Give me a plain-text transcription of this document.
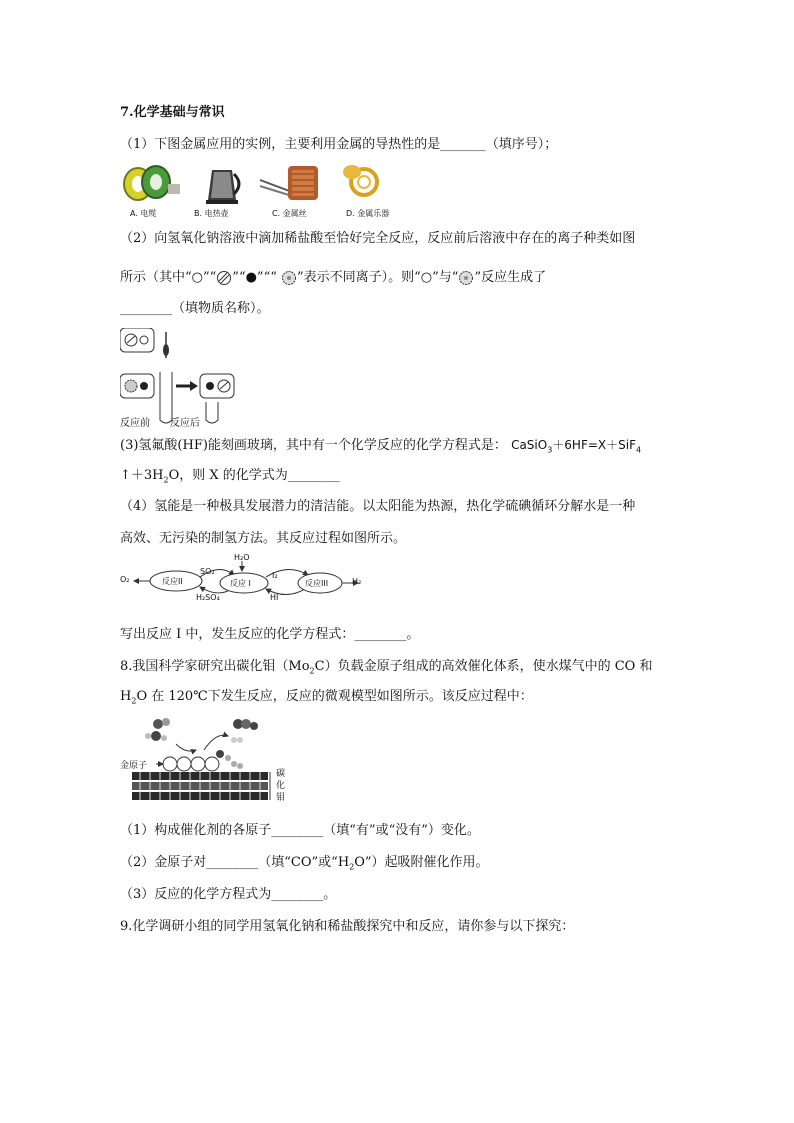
7.化学基础与常识
（1）下图金属应用的实例，主要利用金属的导热性的是_______（填序号）；
A. 电缆	B. 电热壶	C. 金属丝	D. 金属乐器
（2）向氢氧化钠溶液中滴加稀盐酸至恰好完全反应，反应前后溶液中存在的离子种类如图
所示（其中“○”“ ”“●”““ ”表示不同离子）。则“○”与“ ”反应生成了
________（填物质名称）。
反应前 反应后
(3)氢氟酸(HF)能刻画玻璃，其中有一个化学反应的化学方程式是： CaSiO$_3$＋6HF=X＋SiF$_4$
$↑+3H_2O$，则 X 的化学式为________
（4）氢能是一种极具发展潜力的清洁能。以太阳能为热源，热化学硫碘循环分解水是一种
高效、无污染的制氢方法。其反应过程如图所示。
O₂	反应II
SO₂
H₂SO₄
H₂O
反应 I
I₂
HI
反应III	H₂
写出反应 I 中，发生反应的化学方程式：________。
8.我国科学家研究出碳化钼$(Mo_2C)$负载金原子组成的高效催化体系，使水煤气中的 CO 和
$H_2O$ 在 120℃下发生反应，反应的微观模型如图所示。该反应过程中：
金原子
碳
化
钼
（1）构成催化剂的各原子________（填“有”或“没有”）变化。
（2）金原子对________（填“CO”或“$H_2O$”）起吸附催化作用。
（3）反应的化学方程式为________。
9.化学调研小组的同学用氢氧化钠和稀盐酸探究中和反应，请你参与以下探究：
